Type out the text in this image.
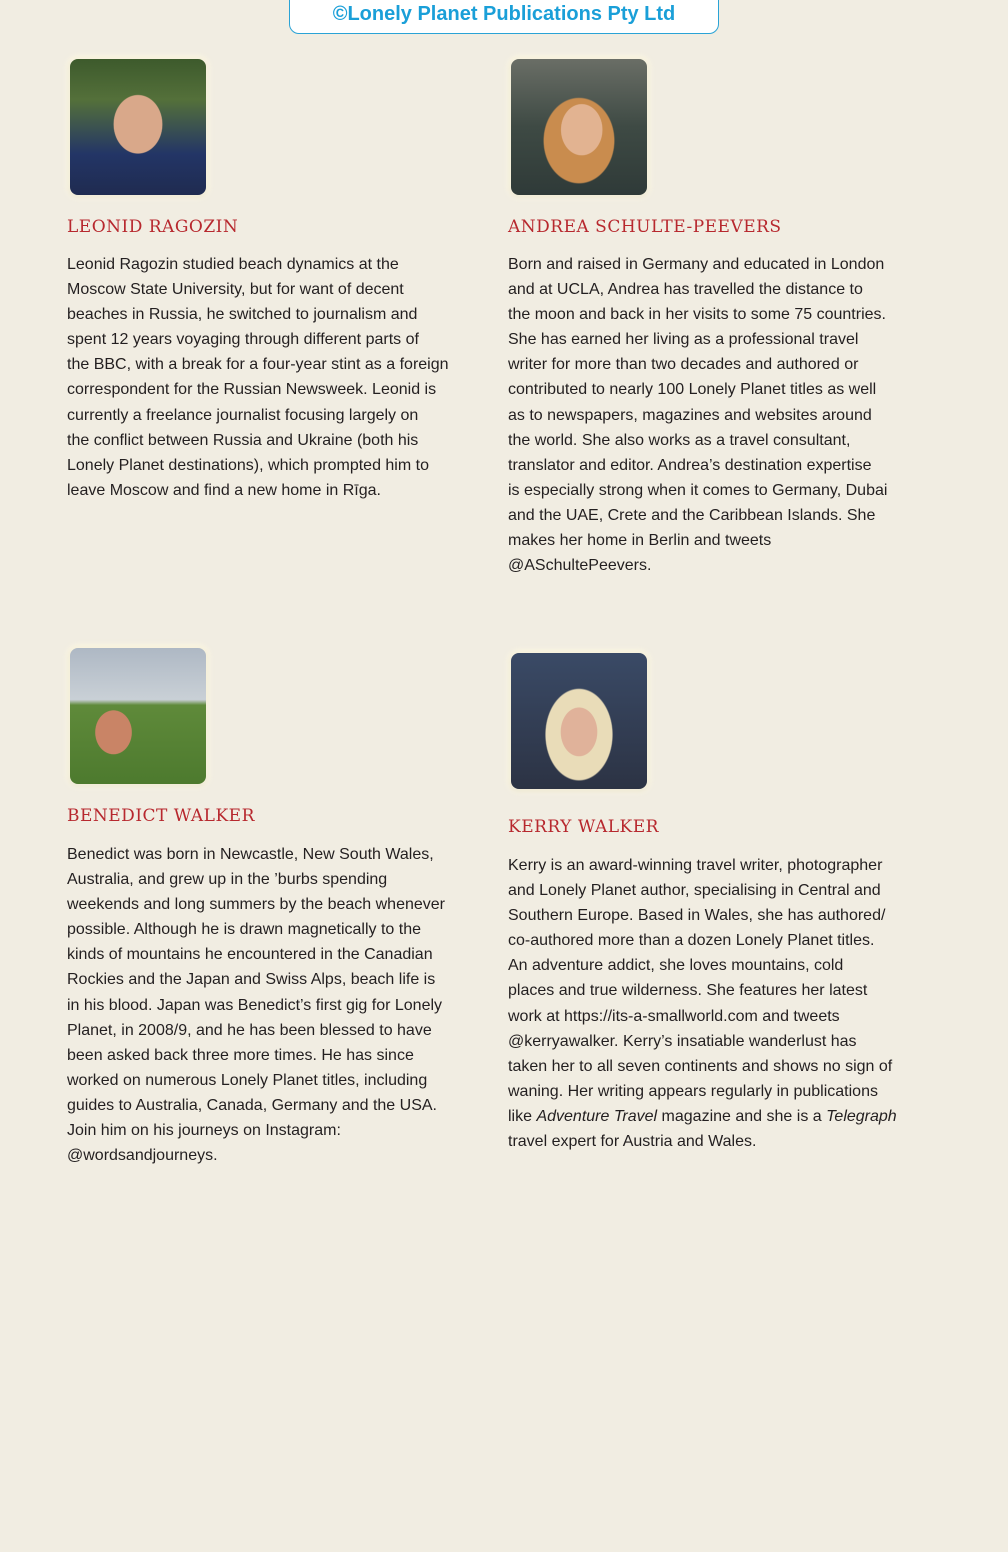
©Lonely Planet Publications Pty Ltd
LEONID RAGOZIN
Leonid Ragozin studied beach dynamics at the
Moscow State University, but for want of decent
beaches in Russia, he switched to journalism and
spent 12 years voyaging through different parts of
the BBC, with a break for a four-year stint as a foreign
correspondent for the Russian Newsweek. Leonid is
currently a freelance journalist focusing largely on
the conflict between Russia and Ukraine (both his
Lonely Planet destinations), which prompted him to
leave Moscow and find a new home in Rīga.
ANDREA SCHULTE-PEEVERS
Born and raised in Germany and educated in London
and at UCLA, Andrea has travelled the distance to
the moon and back in her visits to some 75 countries.
She has earned her living as a professional travel
writer for more than two decades and authored or
contributed to nearly 100 Lonely Planet titles as well
as to newspapers, magazines and websites around
the world. She also works as a travel consultant,
translator and editor. Andrea’s destination expertise
is especially strong when it comes to Germany, Dubai
and the UAE, Crete and the Caribbean Islands. She
makes her home in Berlin and tweets
@ASchultePeevers.
BENEDICT WALKER
Benedict was born in Newcastle, New South Wales,
Australia, and grew up in the ’burbs spending
weekends and long summers by the beach whenever
possible. Although he is drawn magnetically to the
kinds of mountains he encountered in the Canadian
Rockies and the Japan and Swiss Alps, beach life is
in his blood. Japan was Benedict’s first gig for Lonely
Planet, in 2008/9, and he has been blessed to have
been asked back three more times. He has since
worked on numerous Lonely Planet titles, including
guides to Australia, Canada, Germany and the USA.
Join him on his journeys on Instagram:
@wordsandjourneys.
KERRY WALKER
Kerry is an award-winning travel writer, photographer
and Lonely Planet author, specialising in Central and
Southern Europe. Based in Wales, she has authored/
co-authored more than a dozen Lonely Planet titles.
An adventure addict, she loves mountains, cold
places and true wilderness. She features her latest
work at https://its-a-smallworld.com and tweets
@kerryawalker. Kerry’s insatiable wanderlust has
taken her to all seven continents and shows no sign of
waning. Her writing appears regularly in publications
like Adventure Travel magazine and she is a Telegraph
travel expert for Austria and Wales.
